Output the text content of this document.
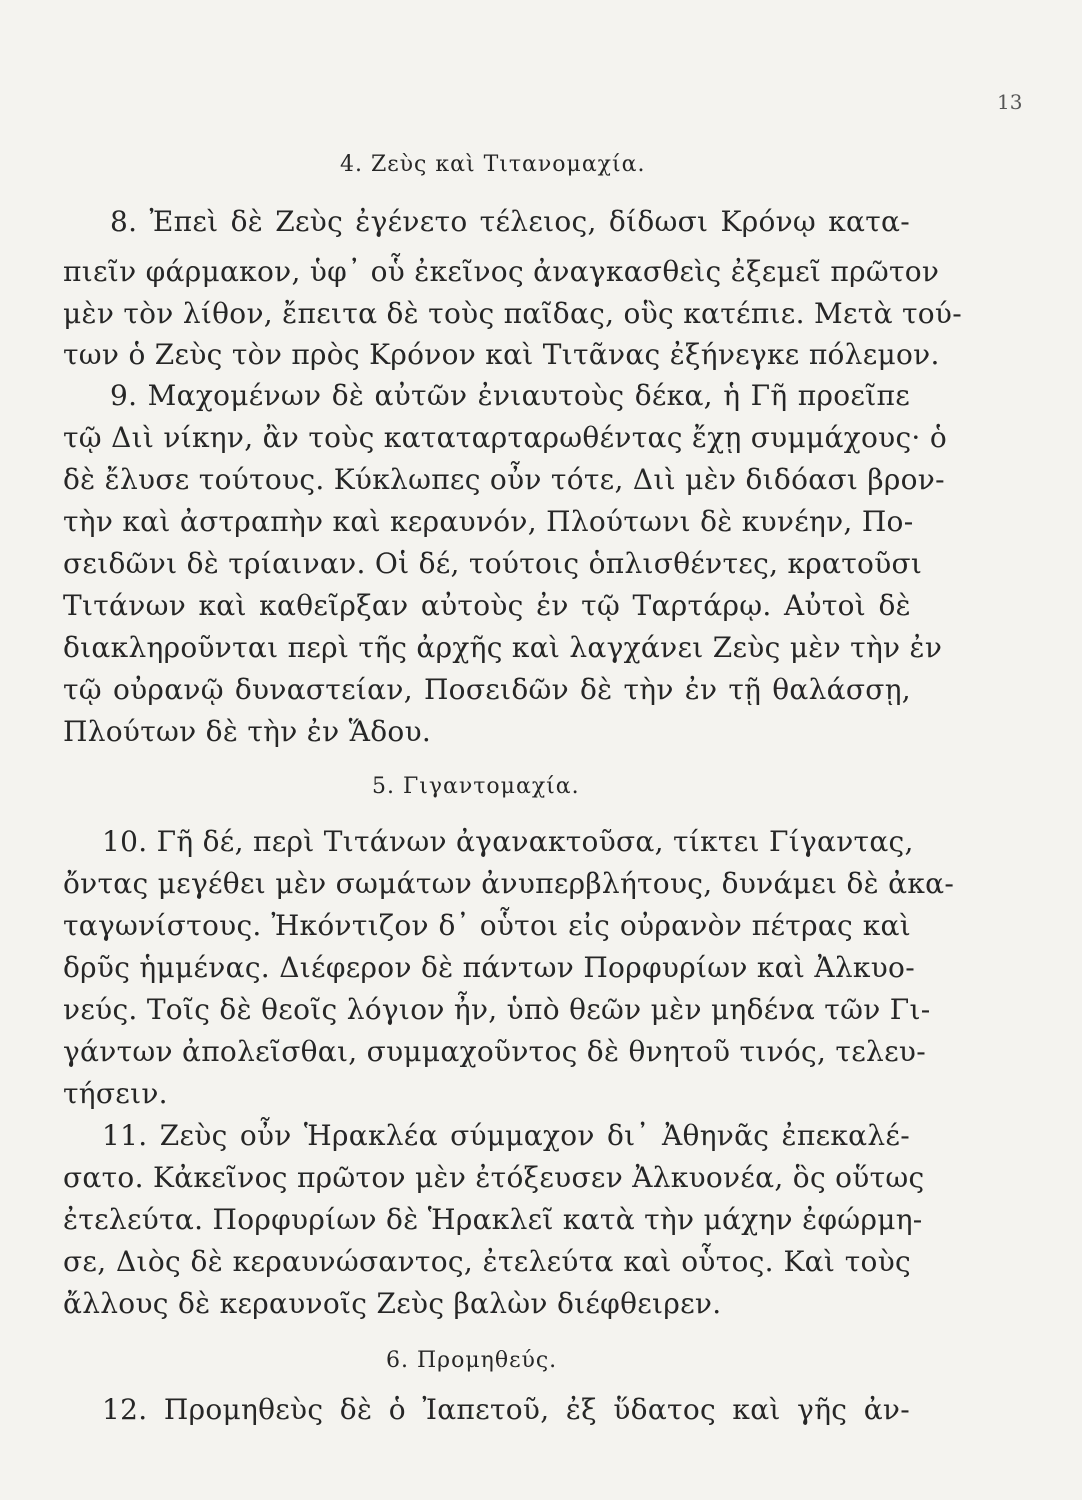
13
4. Ζεὺς καὶ Τιτανομαχία.
8. Ἐπεὶ δὲ Ζεὺς ἐγένετο τέλειος, δίδωσι Κρόνῳ κατα-
πιεῖν φάρμακον, ὑφ᾽ οὗ ἐκεῖνος ἀναγκασθεὶς ἐξεμεῖ πρῶτον
μὲν τὸν λίθον, ἔπειτα δὲ τοὺς παῖδας, οὓς κατέπιε. Μετὰ τού-
των ὁ Ζεὺς τὸν πρὸς Κρόνον καὶ Τιτᾶνας ἐξήνεγκε πόλεμον.
9. Μαχομένων δὲ αὐτῶν ἐνιαυτοὺς δέκα, ἡ Γῆ προεῖπε
τῷ Διὶ νίκην, ἂν τοὺς καταταρταρωθέντας ἔχῃ συμμάχους· ὁ
δὲ ἔλυσε τούτους. Κύκλωπες οὖν τότε, Διὶ μὲν διδόασι βρον-
τὴν καὶ ἀστραπὴν καὶ κεραυνόν, Πλούτωνι δὲ κυνέην, Πο-
σειδῶνι δὲ τρίαιναν. Οἱ δέ, τούτοις ὁπλισθέντες, κρατοῦσι
Τιτάνων καὶ καθεῖρξαν αὐτοὺς ἐν τῷ Ταρτάρῳ. Αὐτοὶ δὲ
διακληροῦνται περὶ τῆς ἀρχῆς καὶ λαγχάνει Ζεὺς μὲν τὴν ἐν
τῷ οὐρανῷ δυναστείαν, Ποσειδῶν δὲ τὴν ἐν τῇ θαλάσσῃ,
Πλούτων δὲ τὴν ἐν Ἅδου.
5. Γιγαντομαχία.
10. Γῆ δέ, περὶ Τιτάνων ἀγανακτοῦσα, τίκτει Γίγαντας,
ὄντας μεγέθει μὲν σωμάτων ἀνυπερβλήτους, δυνάμει δὲ ἀκα-
ταγωνίστους. Ἠκόντιζον δ᾽ οὗτοι εἰς οὐρανὸν πέτρας καὶ
δρῦς ἡμμένας. Διέφερον δὲ πάντων Πορφυρίων καὶ Ἀλκυο-
νεύς. Τοῖς δὲ θεοῖς λόγιον ἦν, ὑπὸ θεῶν μὲν μηδένα τῶν Γι-
γάντων ἀπολεῖσθαι, συμμαχοῦντος δὲ θνητοῦ τινός, τελευ-
τήσειν.
11. Ζεὺς οὖν Ἡρακλέα σύμμαχον δι᾽ Ἀθηνᾶς ἐπεκαλέ-
σατο. Κἀκεῖνος πρῶτον μὲν ἐτόξευσεν Ἀλκυονέα, ὃς οὕτως
ἐτελεύτα. Πορφυρίων δὲ Ἡρακλεῖ κατὰ τὴν μάχην ἐφώρμη-
σε, Διὸς δὲ κεραυνώσαντος, ἐτελεύτα καὶ οὗτος. Καὶ τοὺς
ἄλλους δὲ κεραυνοῖς Ζεὺς βαλὼν διέφθειρεν.
6. Προμηθεύς.
12. Προμηθεὺς δὲ ὁ Ἰαπετοῦ, ἐξ ὕδατος καὶ γῆς ἀν-
